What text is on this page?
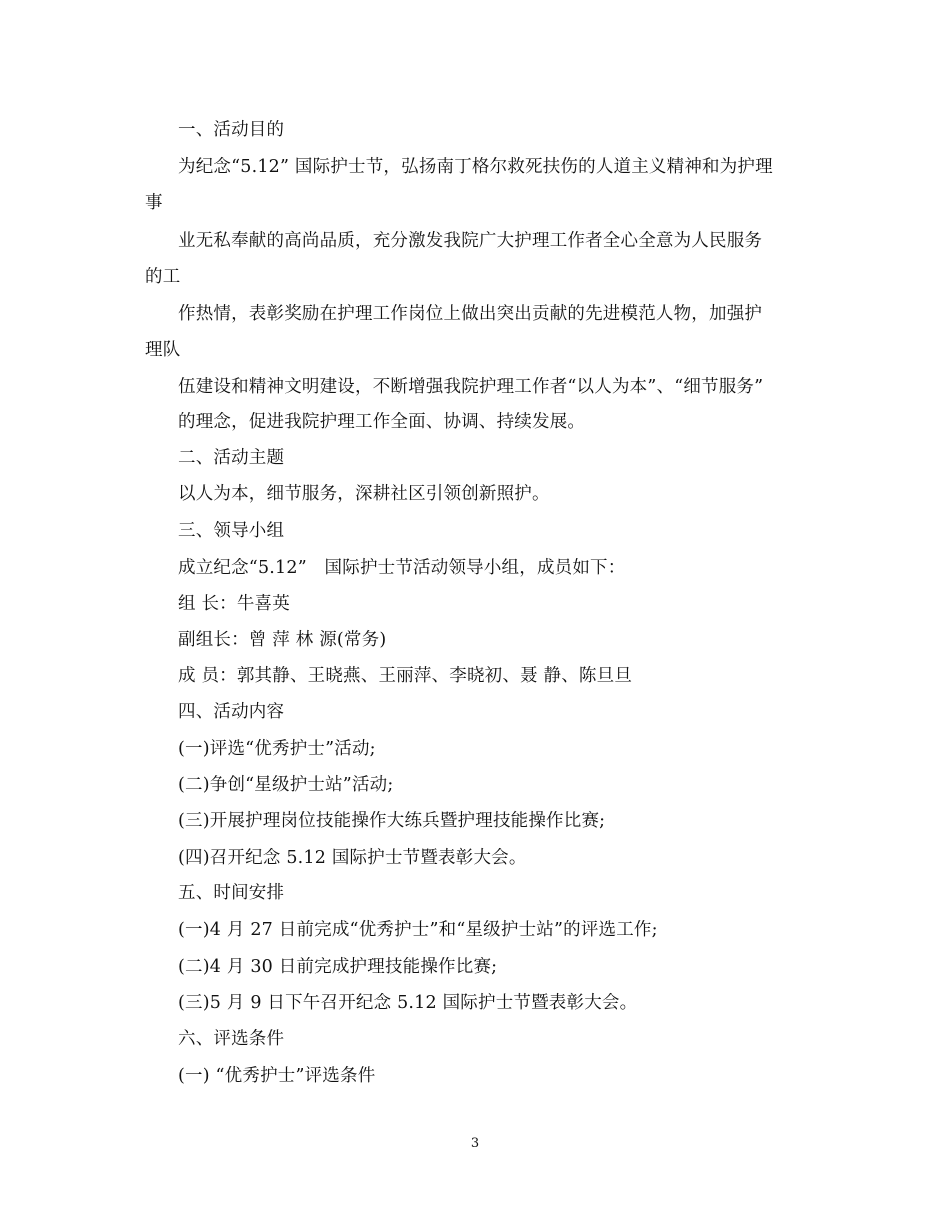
一、活动目的
为纪念“5.12” 国际护士节，弘扬南丁格尔救死扶伤的人道主义精神和为护理
事
业无私奉献的高尚品质，充分激发我院广大护理工作者全心全意为人民服务
的工
作热情，表彰奖励在护理工作岗位上做出突出贡献的先进模范人物，加强护
理队
伍建设和精神文明建设，不断增强我院护理工作者“以人为本”、“细节服务”
的理念，促进我院护理工作全面、协调、持续发展。
二、活动主题
以人为本，细节服务，深耕社区引领创新照护。
三、领导小组
成立纪念“5.12”　国际护士节活动领导小组，成员如下：
组 长：牛喜英
副组长：曾 萍 林 源(常务)
成 员：郭其静、王晓燕、王丽萍、李晓初、聂 静、陈旦旦
四、活动内容
(一)评选“优秀护士”活动;
(二)争创“星级护士站”活动;
(三)开展护理岗位技能操作大练兵暨护理技能操作比赛;
(四)召开纪念 5.12 国际护士节暨表彰大会。
五、时间安排
(一)4 月 27 日前完成“优秀护士”和“星级护士站”的评选工作;
(二)4 月 30 日前完成护理技能操作比赛;
(三)5 月 9 日下午召开纪念 5.12 国际护士节暨表彰大会。
六、评选条件
(一) “优秀护士”评选条件
3
